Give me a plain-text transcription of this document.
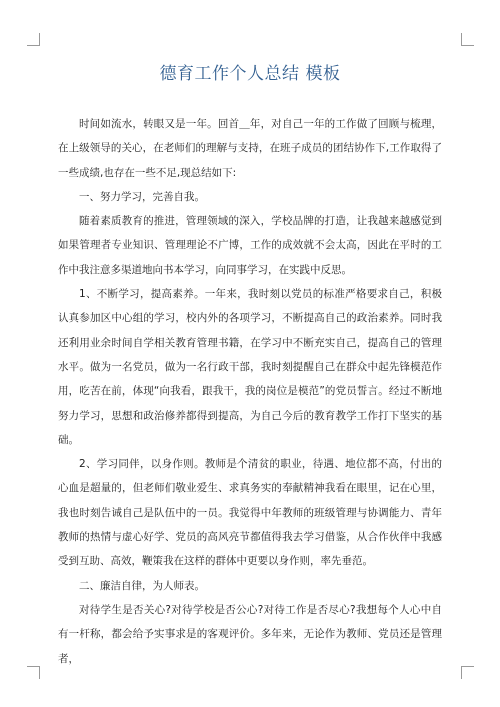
德育工作个人总结 模板

时间如流水，转眼又是一年。回首＿年，对自己一年的工作做了回顾与梳理，在上级领导的关心，在老师们的理解与支持，在班子成员的团结协作下,工作取得了一些成绩,也存在一些不足,现总结如下:

一、努力学习，完善自我。

随着素质教育的推进，管理领域的深入，学校品牌的打造，让我越来越感觉到如果管理者专业知识、管理理论不广博，工作的成效就不会太高，因此在平时的工作中我注意多渠道地向书本学习，向同事学习，在实践中反思。

1、不断学习，提高素养。一年来，我时刻以党员的标准严格要求自己，积极认真参加区中心组的学习，校内外的各项学习，不断提高自己的政治素养。同时我还利用业余时间自学相关教育管理书籍，在学习中不断充实自己，提高自己的管理水平。做为一名党员，做为一名行政干部，我时刻提醒自己在群众中起先锋模范作用，吃苦在前，体现“向我看，跟我干，我的岗位是模范”的党员誓言。经过不断地努力学习，思想和政治修养都得到提高，为自己今后的教育教学工作打下坚实的基础。

2、学习同伴，以身作则。教师是个清贫的职业，待遇、地位都不高，付出的心血是超量的，但老师们敬业爱生、求真务实的奉献精神我看在眼里，记在心里，我也时刻告诫自己是队伍中的一员。我觉得中年教师的班级管理与协调能力、青年教师的热情与虚心好学、党员的高风亮节都值得我去学习借鉴，从合作伙伴中我感受到互助、高效，鞭策我在这样的群体中更要以身作则，率先垂范。

二、廉洁自律，为人师表。

对待学生是否关心?对待学校是否公心?对待工作是否尽心?我想每个人心中自有一杆称，都会给予实事求是的客观评价。多年来，无论作为教师、党员还是管理者，
